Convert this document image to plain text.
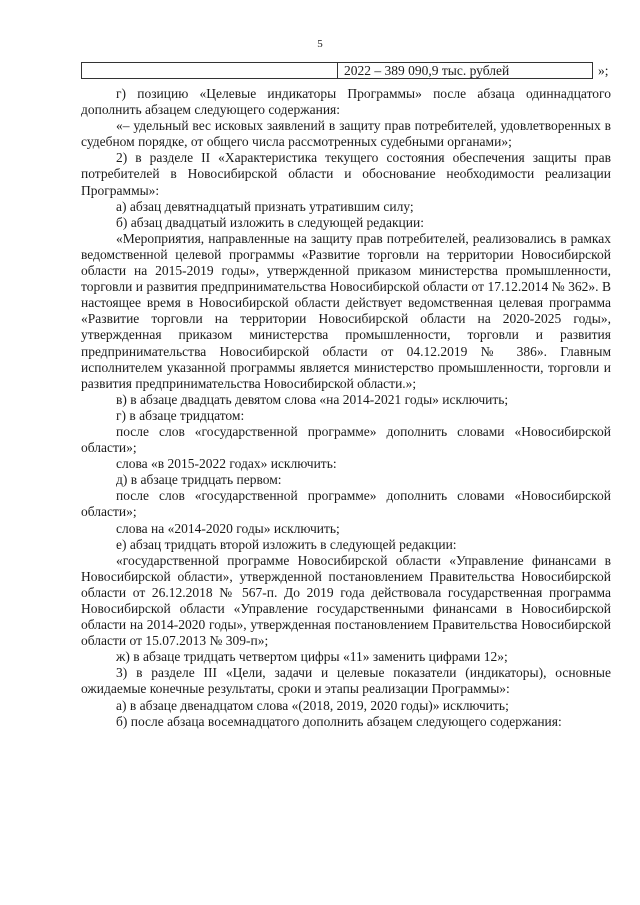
5
2022 – 389 090,9 тыс. рублей	»;

г) позицию «Целевые индикаторы Программы» после абзаца одиннадцатого дополнить абзацем следующего содержания:

«– удельный вес исковых заявлений в защиту прав потребителей, удовлетворенных в судебном порядке, от общего числа рассмотренных судебными органами»;

2) в разделе II «Характеристика текущего состояния обеспечения защиты прав потребителей в Новосибирской области и обоснование необходимости реализации Программы»:

а) абзац девятнадцатый признать утратившим силу;

б) абзац двадцатый изложить в следующей редакции:

«Мероприятия, направленные на защиту прав потребителей, реализовались в рамках ведомственной целевой программы «Развитие торговли на территории Новосибирской области на 2015-2019 годы», утвержденной приказом министерства промышленности, торговли и развития предпринимательства Новосибирской области от 17.12.2014 № 362». В настоящее время в Новосибирской области действует ведомственная целевая программа «Развитие торговли на территории Новосибирской области на 2020-2025 годы», утвержденная приказом министерства промышленности, торговли и развития предпринимательства Новосибирской области от 04.12.2019 № 386». Главным исполнителем указанной программы является министерство промышленности, торговли и развития предпринимательства Новосибирской области.»;

в) в абзаце двадцать девятом слова «на 2014-2021 годы» исключить;

г) в абзаце тридцатом:

после слов «государственной программе» дополнить словами «Новосибирской области»;

слова «в 2015-2022 годах» исключить:

д) в абзаце тридцать первом:

после слов «государственной программе» дополнить словами «Новосибирской области»;

слова на «2014-2020 годы» исключить;

е) абзац тридцать второй изложить в следующей редакции:

«государственной программе Новосибирской области «Управление финансами в Новосибирской области», утвержденной постановлением Правительства Новосибирской области от 26.12.2018 № 567-п. До 2019 года действовала государственная программа Новосибирской области «Управление государственными финансами в Новосибирской области на 2014-2020 годы», утвержденная постановлением Правительства Новосибирской области от 15.07.2013 № 309-п»;

ж) в абзаце тридцать четвертом цифры «11» заменить цифрами 12»;

3) в разделе III «Цели, задачи и целевые показатели (индикаторы), основные ожидаемые конечные результаты, сроки и этапы реализации Программы»:

а) в абзаце двенадцатом слова «(2018, 2019, 2020 годы)» исключить;

б) после абзаца восемнадцатого дополнить абзацем следующего содержания:
